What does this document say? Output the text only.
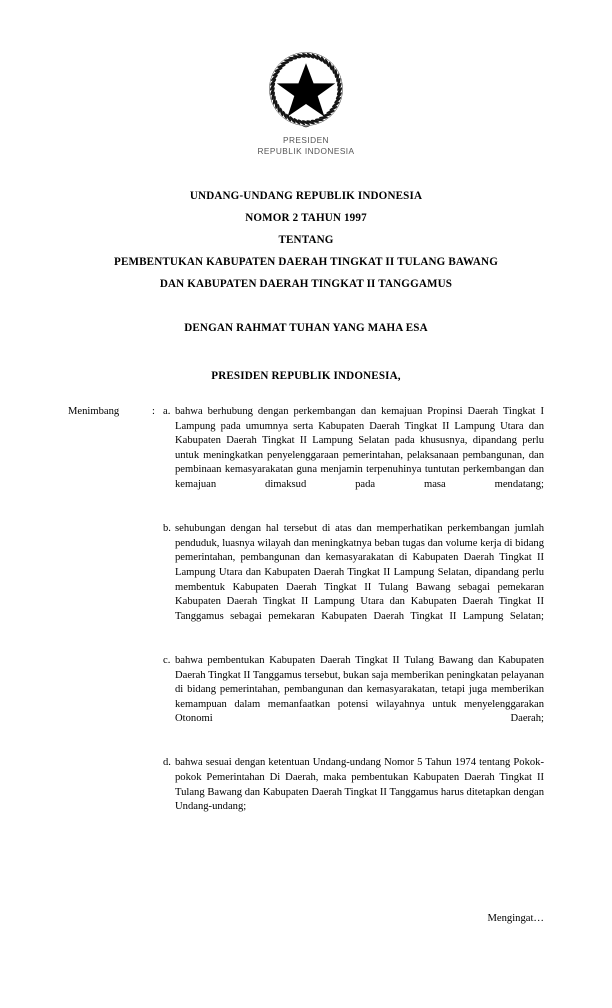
PRESIDEN
REPUBLIK INDONESIA
UNDANG-UNDANG REPUBLIK INDONESIA
NOMOR 2 TAHUN 1997
TENTANG
PEMBENTUKAN KABUPATEN DAERAH TINGKAT II TULANG BAWANG
DAN KABUPATEN DAERAH TINGKAT II TANGGAMUS
DENGAN RAHMAT TUHAN YANG MAHA ESA
PRESIDEN REPUBLIK INDONESIA,
Menimbang	: a. bahwa berhubung dengan perkembangan dan kemajuan Propinsi Daerah Tingkat I Lampung pada umumnya serta Kabupaten Daerah Tingkat II Lampung Utara dan Kabupaten Daerah Tingkat II Lampung Selatan pada khususnya, dipandang perlu untuk meningkatkan penyelenggaraan pemerintahan, pelaksanaan pembangunan, dan pembinaan kemasyarakatan guna menjamin terpenuhinya tuntutan perkembangan dan kemajuan dimaksud pada masa mendatang;
b. sehubungan dengan hal tersebut di atas dan memperhatikan perkembangan jumlah penduduk, luasnya wilayah dan meningkatnya beban tugas dan volume kerja di bidang pemerintahan, pembangunan dan kemasyarakatan di Kabupaten Daerah Tingkat II Lampung Utara dan Kabupaten Daerah Tingkat II Lampung Selatan, dipandang perlu membentuk Kabupaten Daerah Tingkat II Tulang Bawang sebagai pemekaran Kabupaten Daerah Tingkat II Lampung Utara dan Kabupaten Daerah Tingkat II Tanggamus sebagai pemekaran Kabupaten Daerah Tingkat II Lampung Selatan;
c. bahwa pembentukan Kabupaten Daerah Tingkat II Tulang Bawang dan Kabupaten Daerah Tingkat II Tanggamus tersebut, bukan saja memberikan peningkatan pelayanan di bidang pemerintahan, pembangunan dan kemasyarakatan, tetapi juga memberikan kemampuan dalam memanfaatkan potensi wilayahnya untuk menyelenggarakan Otonomi Daerah;
d. bahwa sesuai dengan ketentuan Undang-undang Nomor 5 Tahun 1974 tentang Pokok-pokok Pemerintahan Di Daerah, maka pembentukan Kabupaten Daerah Tingkat II Tulang Bawang dan Kabupaten Daerah Tingkat II Tanggamus harus ditetapkan dengan Undang-undang;
Mengingat…
